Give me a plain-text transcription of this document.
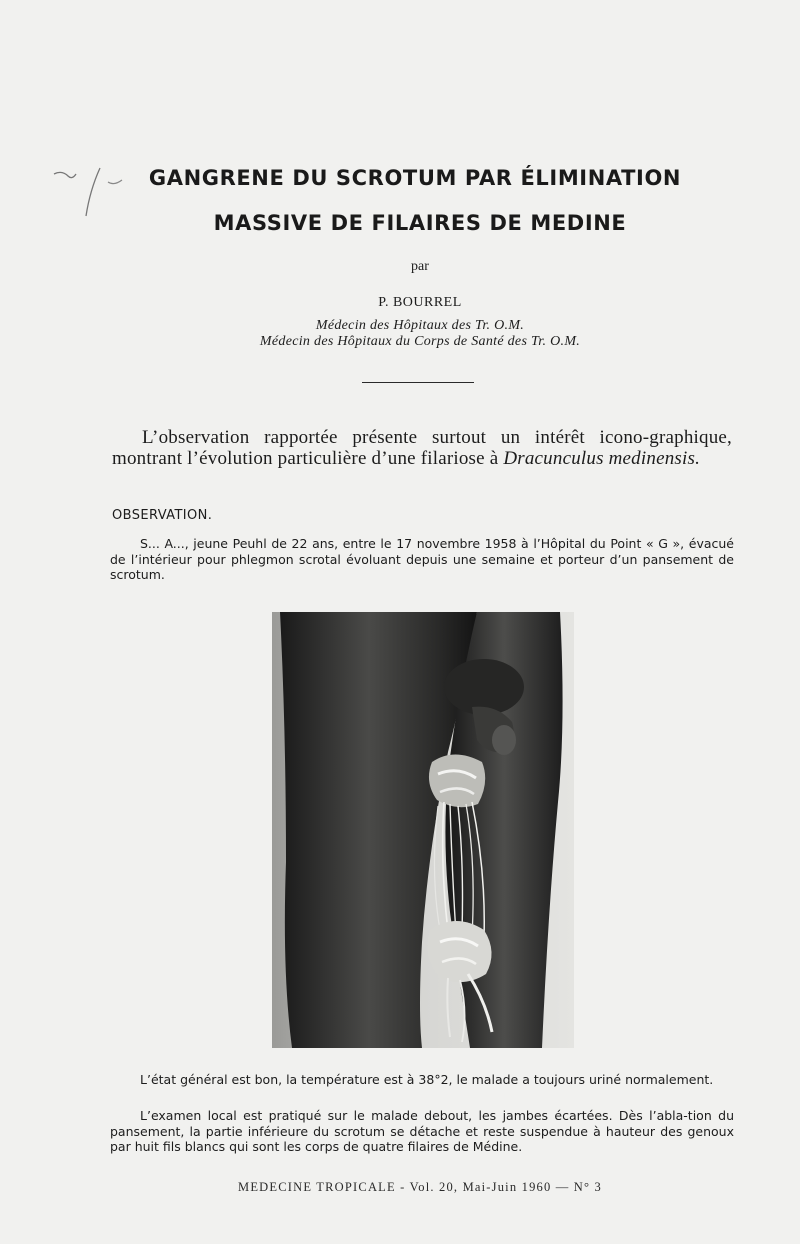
GANGRENE DU SCROTUM PAR ÉLIMINATION
MASSIVE DE FILAIRES DE MEDINE
par
P. BOURREL
Médecin des Hôpitaux des Tr. O.M.
Médecin des Hôpitaux du Corps de Santé des Tr. O.M.
L’observation rapportée présente surtout un intérêt icono-graphique, montrant l’évolution particulière d’une filariose à Dracunculus medinensis.
OBSERVATION.
S... A..., jeune Peuhl de 22 ans, entre le 17 novembre 1958 à l’Hôpital du Point « G », évacué de l’intérieur pour phlegmon scrotal évoluant depuis une semaine et porteur d’un pansement de scrotum.
L’état général est bon, la température est à 38°2, le malade a toujours uriné normalement.
L’examen local est pratiqué sur le malade debout, les jambes écartées. Dès l’abla-tion du pansement, la partie inférieure du scrotum se détache et reste suspendue à hauteur des genoux par huit fils blancs qui sont les corps de quatre filaires de Médine.
MEDECINE TROPICALE - Vol. 20, Mai-Juin 1960 — N° 3
